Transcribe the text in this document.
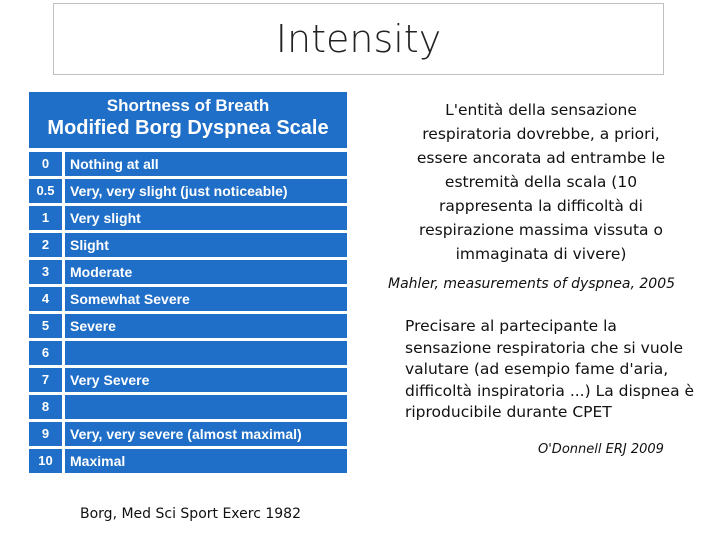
Intensity
Shortness of Breath
Modified Borg Dyspnea Scale
0	Nothing at all
0.5	Very, very slight (just noticeable)
1	Very slight
2	Slight
3	Moderate
4	Somewhat Severe
5	Severe
6
7	Very Severe
8
9	Very, very severe (almost maximal)
10	Maximal
Borg, Med Sci Sport Exerc 1982
L'entità della sensazione respiratoria dovrebbe, a priori, essere ancorata ad entrambe le estremità della scala (10 rappresenta la difficoltà di respirazione massima vissuta o immaginata di vivere)
Mahler, measurements of dyspnea, 2005
Precisare al partecipante la sensazione respiratoria che si vuole valutare (ad esempio fame d'aria, difficoltà inspiratoria ...) La dispnea è riproducibile durante CPET
O'Donnell ERJ 2009
